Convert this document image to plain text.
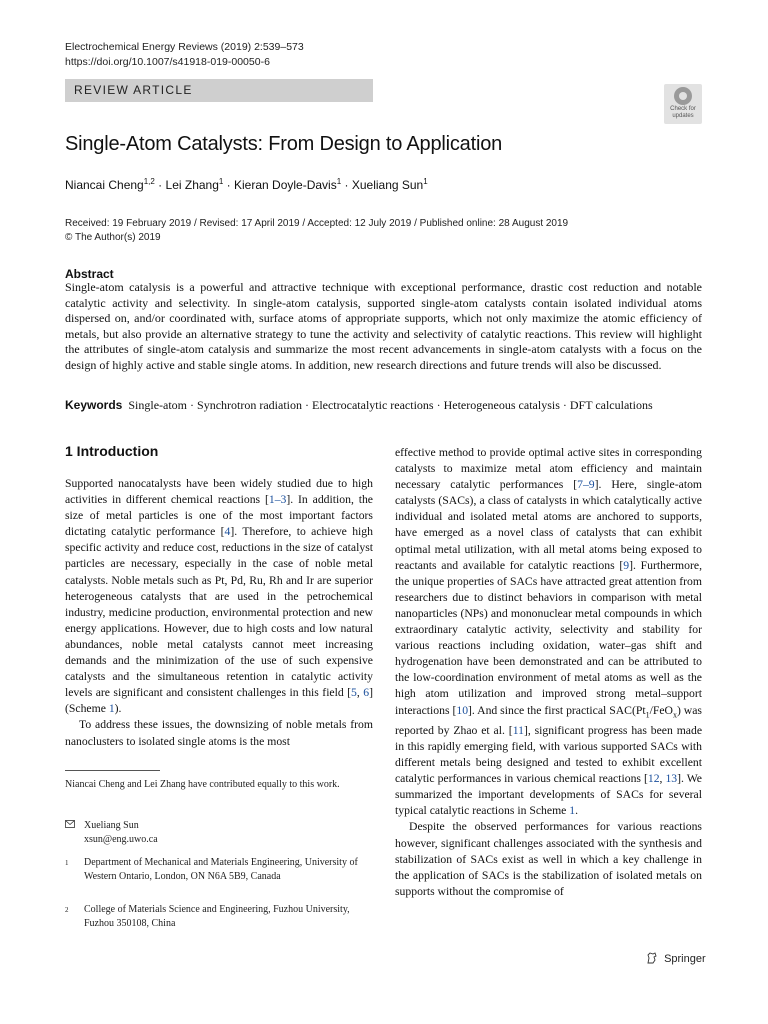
Electrochemical Energy Reviews (2019) 2:539–573
https://doi.org/10.1007/s41918-019-00050-6
REVIEW ARTICLE
Check for
updates
Single-Atom Catalysts: From Design to Application
Niancai Cheng$^{1,2}$ · Lei Zhang$^1$ · Kieran Doyle-Davis$^1$ · Xueliang Sun$^1$
Received: 19 February 2019 / Revised: 17 April 2019 / Accepted: 12 July 2019 / Published online: 28 August 2019
© The Author(s) 2019
Abstract
Single-atom catalysis is a powerful and attractive technique with exceptional performance, drastic cost reduction and notable catalytic activity and selectivity. In single-atom catalysis, supported single-atom catalysts contain isolated individual atoms dispersed on, and/or coordinated with, surface atoms of appropriate supports, which not only maximize the atomic efficiency of metals, but also provide an alternative strategy to tune the activity and selectivity of catalytic reactions. This review will highlight the attributes of single-atom catalysis and summarize the most recent advancements in single-atom catalysts with a focus on the design of highly active and stable single atoms. In addition, new research directions and future trends will also be discussed.
Keywords Single-atom · Synchrotron radiation · Electrocatalytic reactions · Heterogeneous catalysis · DFT calculations
1 Introduction

Supported nanocatalysts have been widely studied due to high activities in different chemical reactions [1–3]. In addition, the size of metal particles is one of the most important factors dictating catalytic performance [4]. Therefore, to achieve high specific activity and reduce cost, reductions in the size of catalyst particles are necessary, especially in the case of noble metal catalysts. Noble metals such as Pt, Pd, Ru, Rh and Ir are superior heterogeneous catalysts that are used in the petrochemical industry, medicine production, environmental protection and new energy applications. However, due to high costs and low natural abundances, noble metal catalysts cannot meet increasing demands and the minimization of the use of such expensive catalysts and the simultaneous retention in catalytic activity levels are significant and consistent challenges in this field [5, 6] (Scheme 1).

To address these issues, the downsizing of noble metals from nanoclusters to isolated single atoms is the most

effective method to provide optimal active sites in corresponding catalysts to maximize metal atom efficiency and maintain necessary catalytic performances [7–9]. Here, single-atom catalysts (SACs), a class of catalysts in which catalytically active individual and isolated metal atoms are anchored to supports, have emerged as a novel class of catalysts that can exhibit optimal metal utilization, with all metal atoms being exposed to reactants and available for catalytic reactions [9]. Furthermore, the unique properties of SACs have attracted great attention from researchers due to distinct behaviors in comparison with metal nanoparticles (NPs) and mononuclear metal compounds in which extraordinary catalytic activity, selectivity and stability for various reactions including oxidation, water–gas shift and hydrogenation have been demonstrated and can be attributed to the low-coordination environment of metal atoms as well as the high atom utilization and improved strong metal–support interactions [10]. And since the first practical $SAC(Pt_1/FeO_x)$ was reported by Zhao et al. [11], significant progress has been made in this rapidly emerging field, with various supported SACs with different metals being designed and tested to exhibit excellent catalytic performances in various chemical reactions [12, 13]. We summarized the important developments of SACs for several typical catalytic reactions in Scheme 1.

Despite the observed performances for various reactions however, significant challenges associated with the synthesis and stabilization of SACs exist as well in which a key challenge in the application of SACs is the stabilization of isolated metals on supports without the compromise of

Niancai Cheng and Lei Zhang have contributed equally to this work.
Xueliang Sun
xsun@eng.uwo.ca
1 Department of Mechanical and Materials Engineering, University of Western Ontario, London, ON N6A 5B9, Canada
2 College of Materials Science and Engineering, Fuzhou University, Fuzhou 350108, China
Springer
